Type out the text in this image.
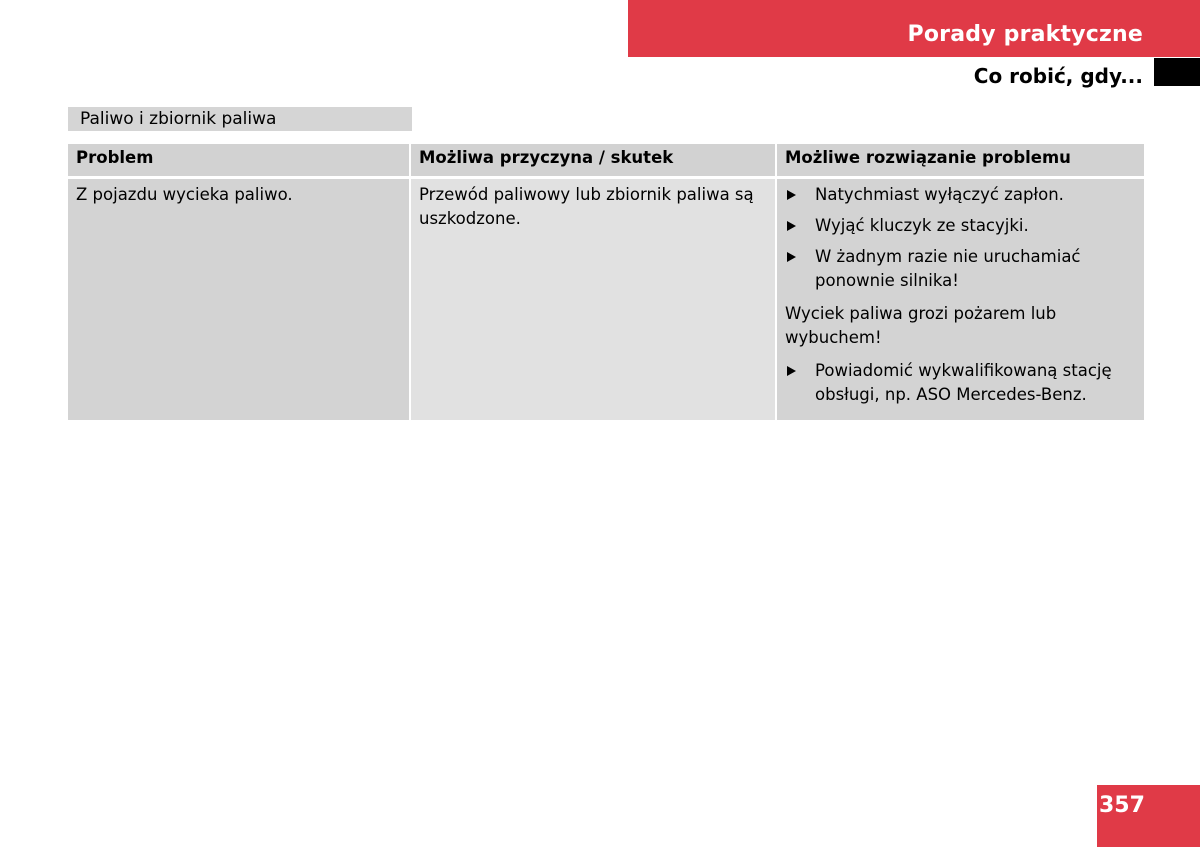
Porady praktyczne
Co robić, gdy...
Paliwo i zbiornik paliwa
Problem	Możliwa przyczyna / skutek	Możliwe rozwiązanie problemu

Z pojazdu wycieka paliwo.	Przewód paliwowy lub zbiornik paliwa są uszkodzone.	Natychmiast wyłączyć zapłon.
Wyjąć kluczyk ze stacyjki.
W żadnym razie nie uruchamiać ponownie silnika!
Wyciek paliwa grozi pożarem lub wybuchem!
Powiadomić wykwalifikowaną stację obsługi, np. ASO Mercedes-Benz.
357
